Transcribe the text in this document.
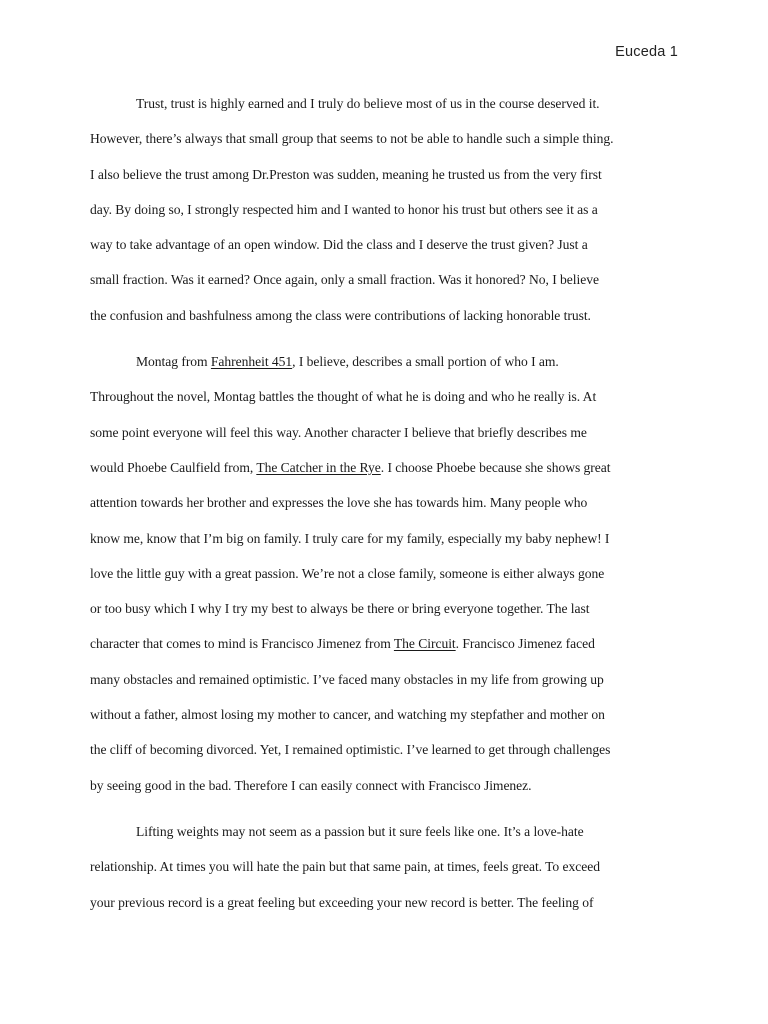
Euceda 1
Trust, trust is highly earned and I truly do believe most of us in the course deserved it.
However, there’s always that small group that seems to not be able to handle such a simple thing.
I also believe the trust among Dr.Preston was sudden, meaning he trusted us from the very first
day. By doing so, I strongly respected him and I wanted to honor his trust but others see it as a
way to take advantage of an open window. Did the class and I deserve the trust given? Just a
small fraction. Was it earned? Once again, only a small fraction. Was it honored? No, I believe
the confusion and bashfulness among the class were contributions of lacking honorable trust.
Montag from Fahrenheit 451, I believe, describes a small portion of who I am.
Throughout the novel, Montag battles the thought of what he is doing and who he really is. At
some point everyone will feel this way. Another character I believe that briefly describes me
would Phoebe Caulfield from, The Catcher in the Rye. I choose Phoebe because she shows great
attention towards her brother and expresses the love she has towards him. Many people who
know me, know that I’m big on family. I truly care for my family, especially my baby nephew! I
love the little guy with a great passion. We’re not a close family, someone is either always gone
or too busy which I why I try my best to always be there or bring everyone together. The last
character that comes to mind is Francisco Jimenez from The Circuit. Francisco Jimenez faced
many obstacles and remained optimistic. I’ve faced many obstacles in my life from growing up
without a father, almost losing my mother to cancer, and watching my stepfather and mother on
the cliff of becoming divorced. Yet, I remained optimistic. I’ve learned to get through challenges
by seeing good in the bad. Therefore I can easily connect with Francisco Jimenez.
Lifting weights may not seem as a passion but it sure feels like one. It’s a love-hate
relationship. At times you will hate the pain but that same pain, at times, feels great. To exceed
your previous record is a great feeling but exceeding your new record is better. The feeling of
